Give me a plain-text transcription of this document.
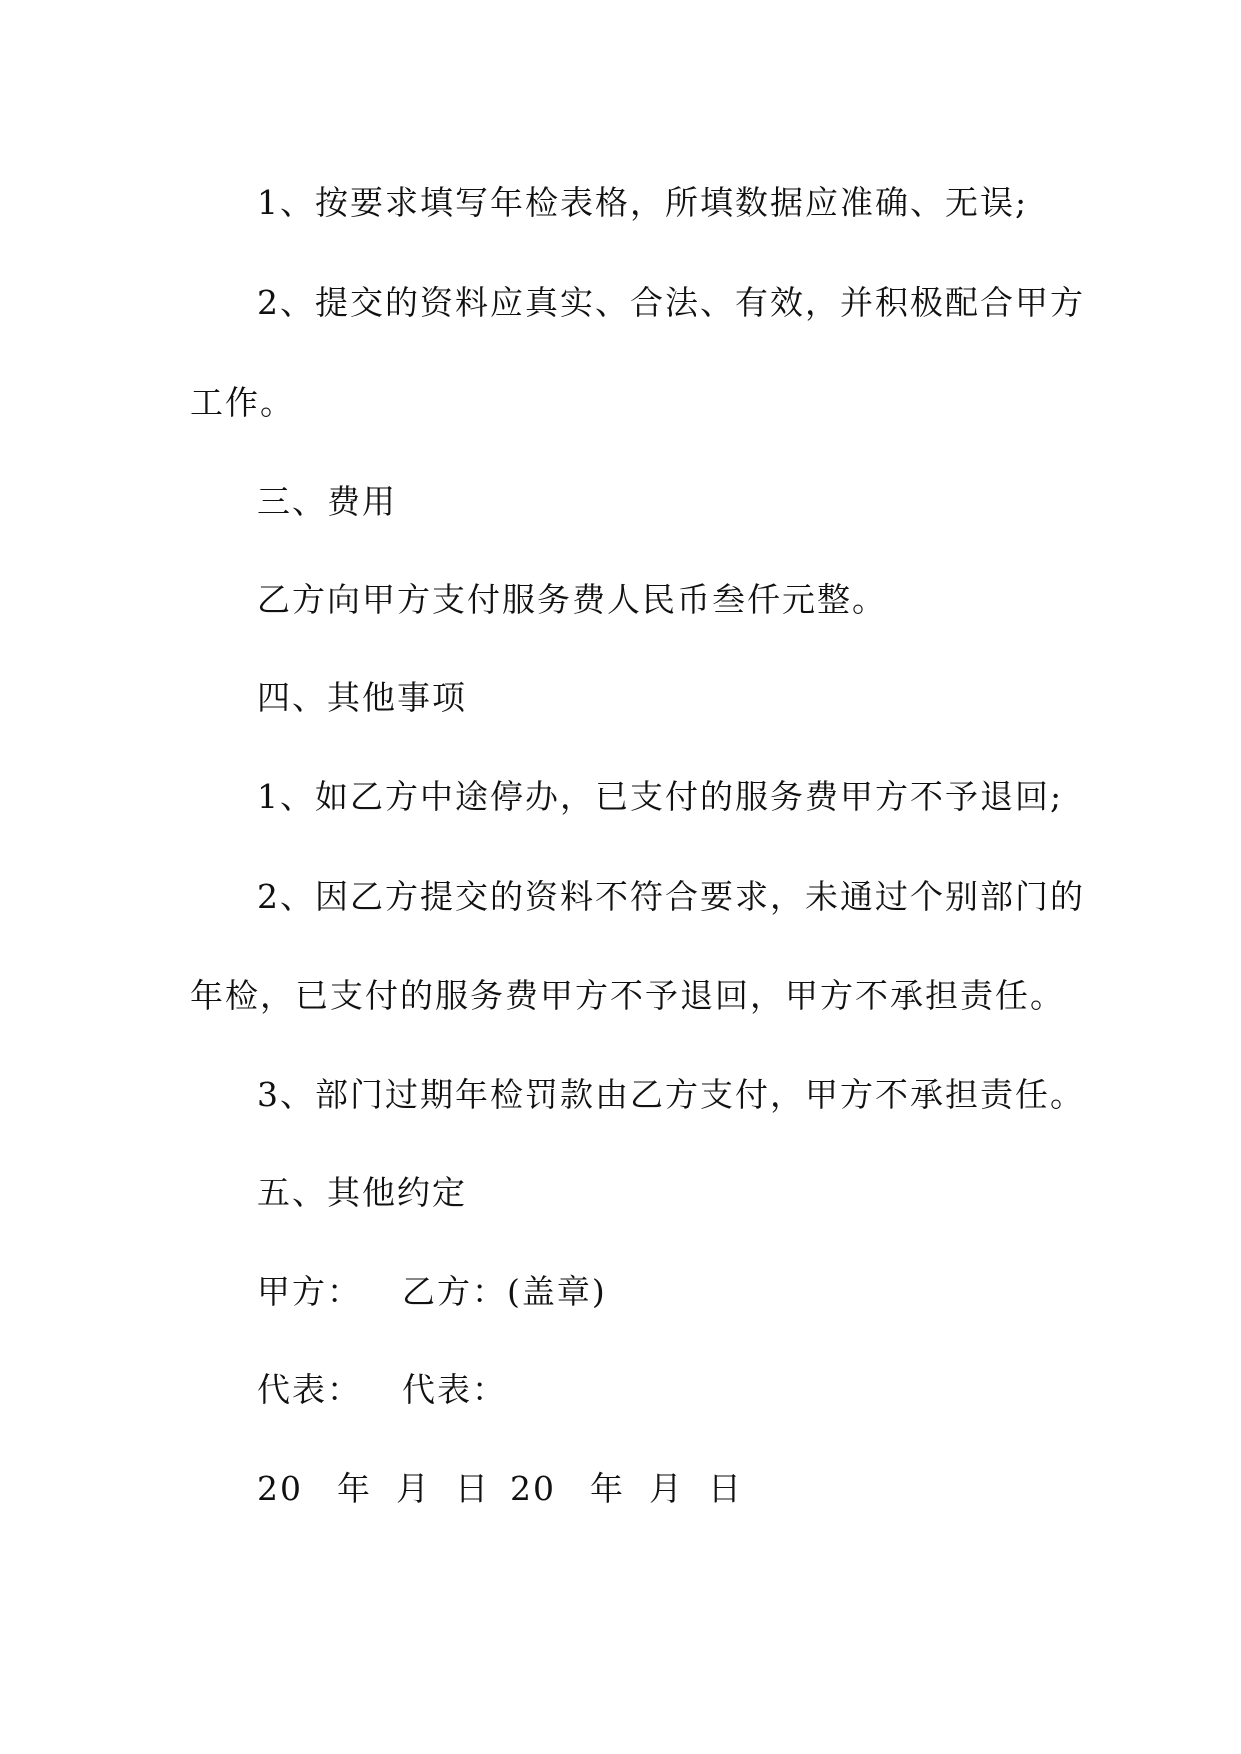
1、按要求填写年检表格，所填数据应准确、无误;
2、提交的资料应真实、合法、有效，并积极配合甲方
工作。
三、费用
乙方向甲方支付服务费人民币叁仟元整。
四、其他事项
1、如乙方中途停办，已支付的服务费甲方不予退回;
2、因乙方提交的资料不符合要求，未通过个别部门的
年检，已支付的服务费甲方不予退回，甲方不承担责任。
3、部门过期年检罚款由乙方支付，甲方不承担责任。
五、其他约定
甲方： 乙方：(盖章)
代表： 代表：
20 年 月 日 20 年 月 日
